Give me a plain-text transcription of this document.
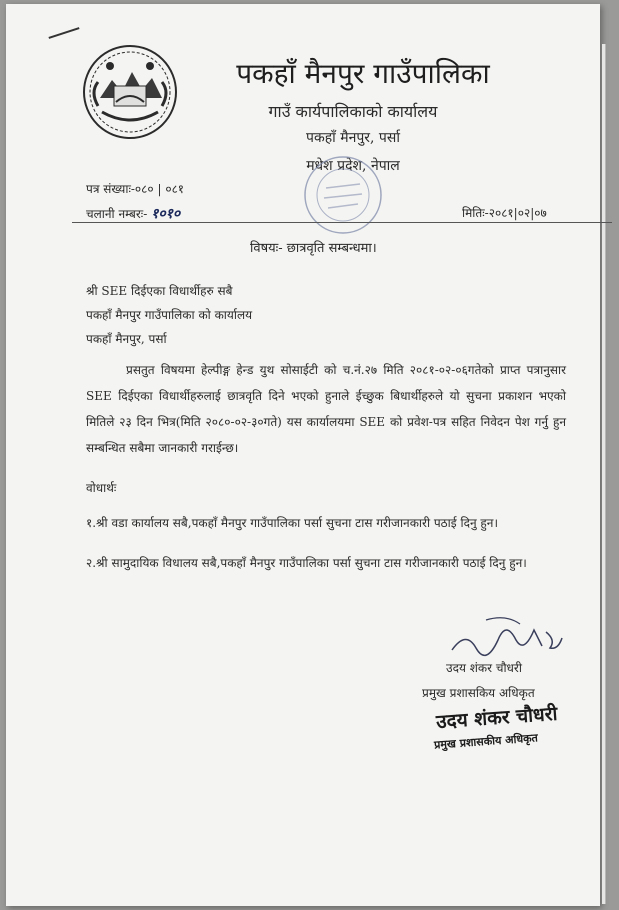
पकहाँ मैनपुर गाउँपालिका
गाउँ कार्यपालिकाको कार्यालय
पकहाँ मैनपुर, पर्सा
मधेश प्रदेश, नेपाल
पत्र संख्याः-०८० | ०८१
चलानी नम्बरः- १०१०	मितिः-२०८१|०२|०७
विषयः- छात्रवृति सम्बन्धमा।
श्री SEE दिईएका विधार्थीहरु सबै
पकहाँ मैनपुर गाउँपालिका को कार्यालय
पकहाँ मैनपुर, पर्सा
प्रसतुत विषयमा हेल्पीङ्ग हेन्ड युथ सोसाईटी को च.नं.२७ मिति २०८१-०२-०६गतेको प्राप्त पत्रानुसार SEE दिईएका विधार्थीहरुलाई छात्रवृति दिने भएको हुनाले ईच्छुक बिधार्थीहरुले यो सुचना प्रकाशन भएको मितिले २३ दिन भित्र(मिति २०८०-०२-३०गते) यस कार्यालयमा SEE को प्रवेश-पत्र सहित निवेदन पेश गर्नु हुन सम्बन्धित सबैमा जानकारी गराईन्छ।
वोधार्थः
१.श्री वडा कार्यालय सबै,पकहाँ मैनपुर गाउँपालिका पर्सा सुचना टास गरीजानकारी पठाई दिनु हुन।
२.श्री सामुदायिक विधालय सबै,पकहाँ मैनपुर गाउँपालिका पर्सा सुचना टास गरीजानकारी पठाई दिनु हुन।
उदय शंकर चौधरी
प्रमुख प्रशासकिय अधिकृत
उदय शंकर चौधरी
प्रमुख प्रशासकीय अधिकृत
